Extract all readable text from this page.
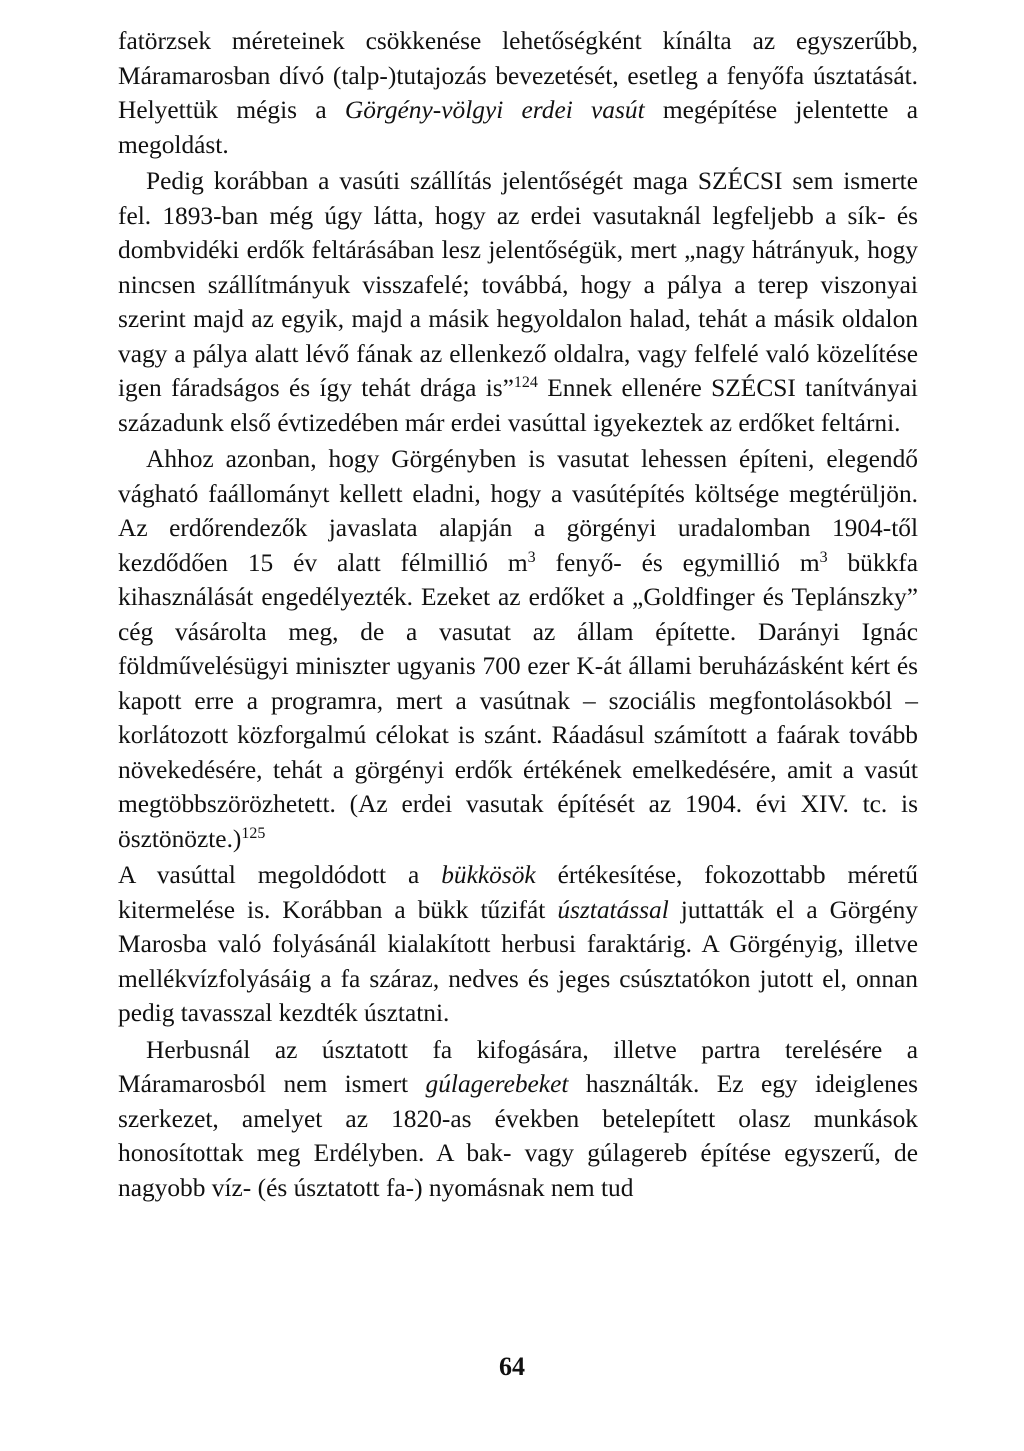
fatörzsek méreteinek csökkenése lehetőségként kínálta az egyszerűbb, Máramarosban dívó (talp-)tutajozás bevezetését, esetleg a fenyőfa úsztatását. Helyettük mégis a Görgény-völgyi erdei vasút megépítése jelentette a megoldást.

Pedig korábban a vasúti szállítás jelentőségét maga SZÉCSI sem ismerte fel. 1893-ban még úgy látta, hogy az erdei vasutaknál legfeljebb a sík- és dombvidéki erdők feltárásában lesz jelentőségük, mert „nagy hátrányuk, hogy nincsen szállítmányuk visszafelé; továbbá, hogy a pálya a terep viszonyai szerint majd az egyik, majd a másik hegyoldalon halad, tehát a másik oldalon vagy a pálya alatt lévő fának az ellenkező oldalra, vagy felfelé való közelítése igen fáradságos és így tehát drága is”$^{124}$ Ennek ellenére SZÉCSI tanítványai századunk első évtizedében már erdei vasúttal igyekeztek az erdőket feltárni.

Ahhoz azonban, hogy Görgényben is vasutat lehessen építeni, elegendő vágható faállományt kellett eladni, hogy a vasútépítés költsége megtérüljön. Az erdőrendezők javaslata alapján a görgényi uradalomban 1904-től kezdődően 15 év alatt félmillió $m^3$ fenyő- és egymillió $m^3$ bükkfa kihasználását engedélyezték. Ezeket az erdőket a „Goldfinger és Teplánszky” cég vásárolta meg, de a vasutat az állam építette. Darányi Ignác földművelésügyi miniszter ugyanis 700 ezer K-át állami beruházásként kért és kapott erre a programra, mert a vasútnak – szociális megfontolásokból – korlátozott közforgalmú célokat is szánt. Ráadásul számított a faárak tovább növekedésére, tehát a görgényi erdők értékének emelkedésére, amit a vasút megtöbbszörözhetett. (Az erdei vasutak építését az 1904. évi XIV. tc. is ösztönözte.)$^{125}$

A vasúttal megoldódott a bükkösök értékesítése, fokozottabb méretű kitermelése is. Korábban a bükk tűzifát úsztatással juttatták el a Görgény Marosba való folyásánál kialakított herbusi faraktárig. A Görgényig, illetve mellékvízfolyásáig a fa száraz, nedves és jeges csúsztatókon jutott el, onnan pedig tavasszal kezdték úsztatni.

Herbusnál az úsztatott fa kifogására, illetve partra terelésére a Máramarosból nem ismert gúlagerebeket használták. Ez egy ideiglenes szerkezet, amelyet az 1820-as években betelepített olasz munkások honosítottak meg Erdélyben. A bak- vagy gúlagereb építése egyszerű, de nagyobb víz- (és úsztatott fa-) nyomásnak nem tud

64
